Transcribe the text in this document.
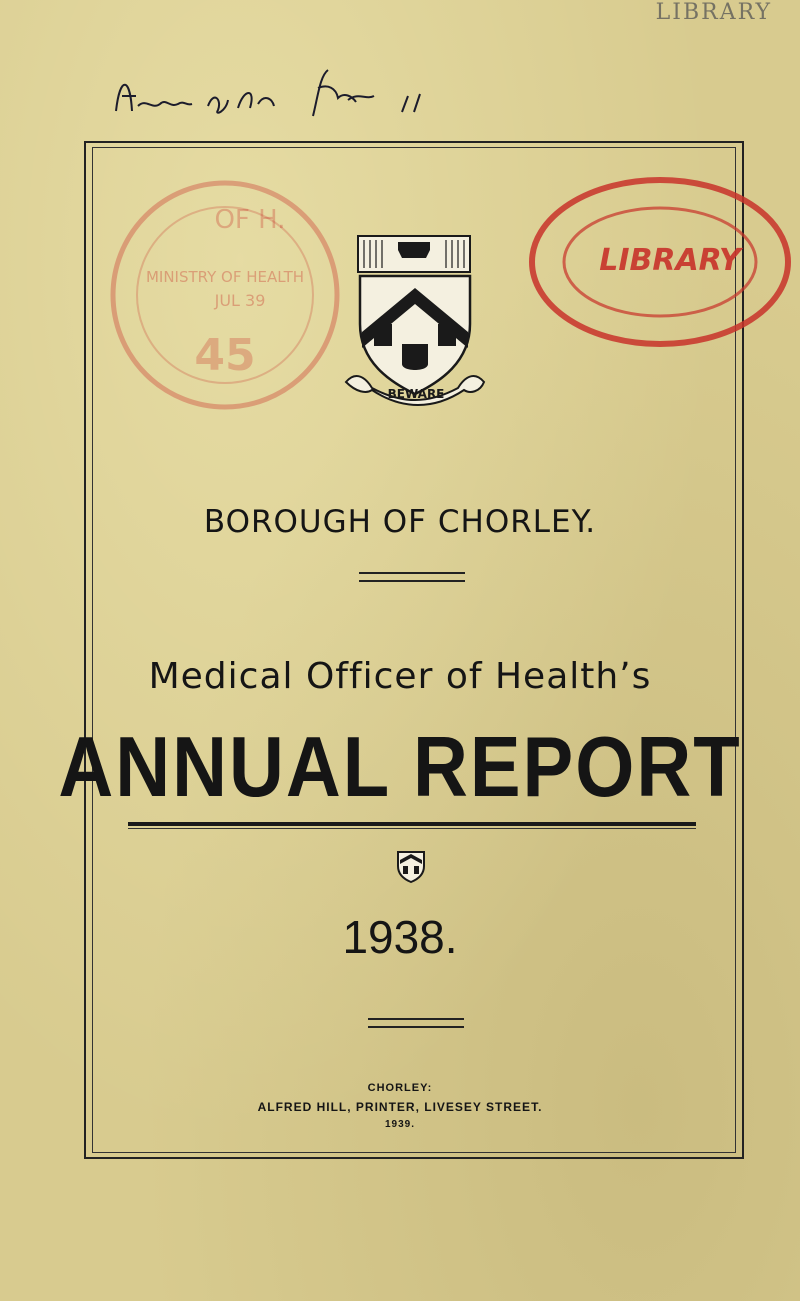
LIBRARY
OF H.
MINISTRY OF HEALTH
JUL 39
45
BEWARE
LIBRARY
BOROUGH OF CHORLEY.
Medical Officer of Health’s
ANNUAL REPORT
1938.
CHORLEY:
ALFRED HILL, PRINTER, LIVESEY STREET.
1939.
